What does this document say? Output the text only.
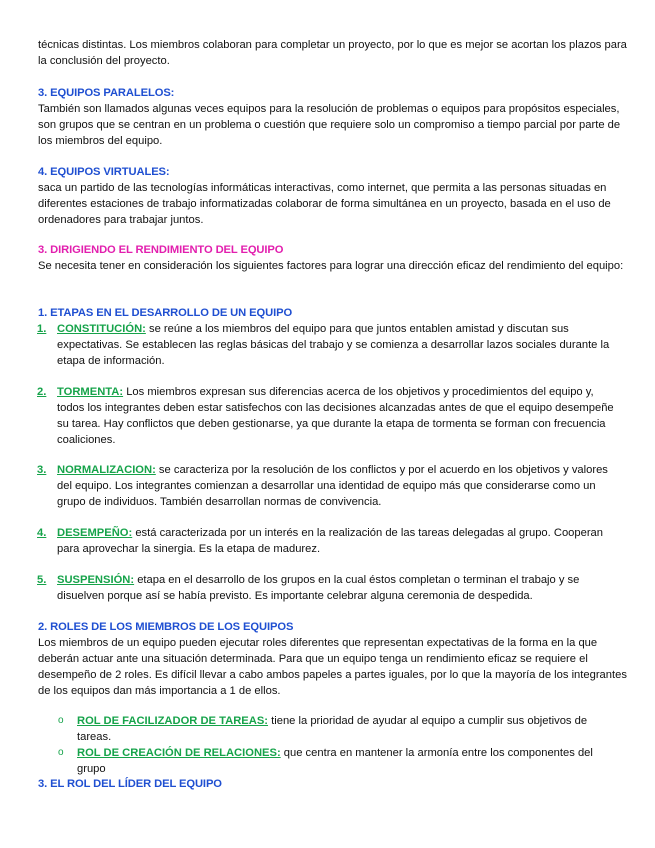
técnicas distintas. Los miembros colaboran para completar un proyecto, por lo que es mejor se acortan los plazos para la conclusión del proyecto.

3. EQUIPOS PARALELOS:

También son llamados algunas veces equipos para la resolución de problemas o equipos para propósitos especiales, son grupos que se centran en un problema o cuestión que requiere solo un compromiso a tiempo parcial por parte de los miembros del equipo.

4. EQUIPOS VIRTUALES:

saca un partido de las tecnologías informáticas interactivas, como internet, que permita a las personas situadas en diferentes estaciones de trabajo informatizadas colaborar de forma simultánea en un proyecto, basada en el uso de ordenadores para trabajar juntos.

3. DIRIGIENDO EL RENDIMIENTO DEL EQUIPO

Se necesita tener en consideración los siguientes factores para lograr una dirección eficaz del rendimiento del equipo:

1. ETAPAS EN EL DESARROLLO DE UN EQUIPO

1. CONSTITUCIÓN: se reúne a los miembros del equipo para que juntos entablen amistad y discutan sus expectativas. Se establecen las reglas básicas del trabajo y se comienza a desarrollar lazos sociales durante la etapa de información.
2. TORMENTA: Los miembros expresan sus diferencias acerca de los objetivos y procedimientos del equipo y, todos los integrantes deben estar satisfechos con las decisiones alcanzadas antes de que el equipo desempeñe su tarea. Hay conflictos que deben gestionarse, ya que durante la etapa de tormenta se forman con frecuencia coaliciones.
3. NORMALIZACION: se caracteriza por la resolución de los conflictos y por el acuerdo en los objetivos y valores del equipo. Los integrantes comienzan a desarrollar una identidad de equipo más que considerarse como un grupo de individuos. También desarrollan normas de convivencia.
4. DESEMPEÑO: está caracterizada por un interés en la realización de las tareas delegadas al grupo. Cooperan para aprovechar la sinergia. Es la etapa de madurez.
5. SUSPENSIÓN: etapa en el desarrollo de los grupos en la cual éstos completan o terminan el trabajo y se disuelven porque así se había previsto. Es importante celebrar alguna ceremonia de despedida.

2. ROLES DE LOS MIEMBROS DE LOS EQUIPOS

Los miembros de un equipo pueden ejecutar roles diferentes que representan expectativas de la forma en la que deberán actuar ante una situación determinada. Para que un equipo tenga un rendimiento eficaz se requiere el desempeño de 2 roles. Es difícil llevar a cabo ambos papeles a partes iguales, por lo que la mayoría de los integrantes de los equipos dan más importancia a 1 de ellos.

o ROL DE FACILIZADOR DE TAREAS: tiene la prioridad de ayudar al equipo a cumplir sus objetivos de tareas.
o ROL DE CREACIÓN DE RELACIONES: que centra en mantener la armonía entre los componentes del grupo

3. EL ROL DEL LÍDER DEL EQUIPO
